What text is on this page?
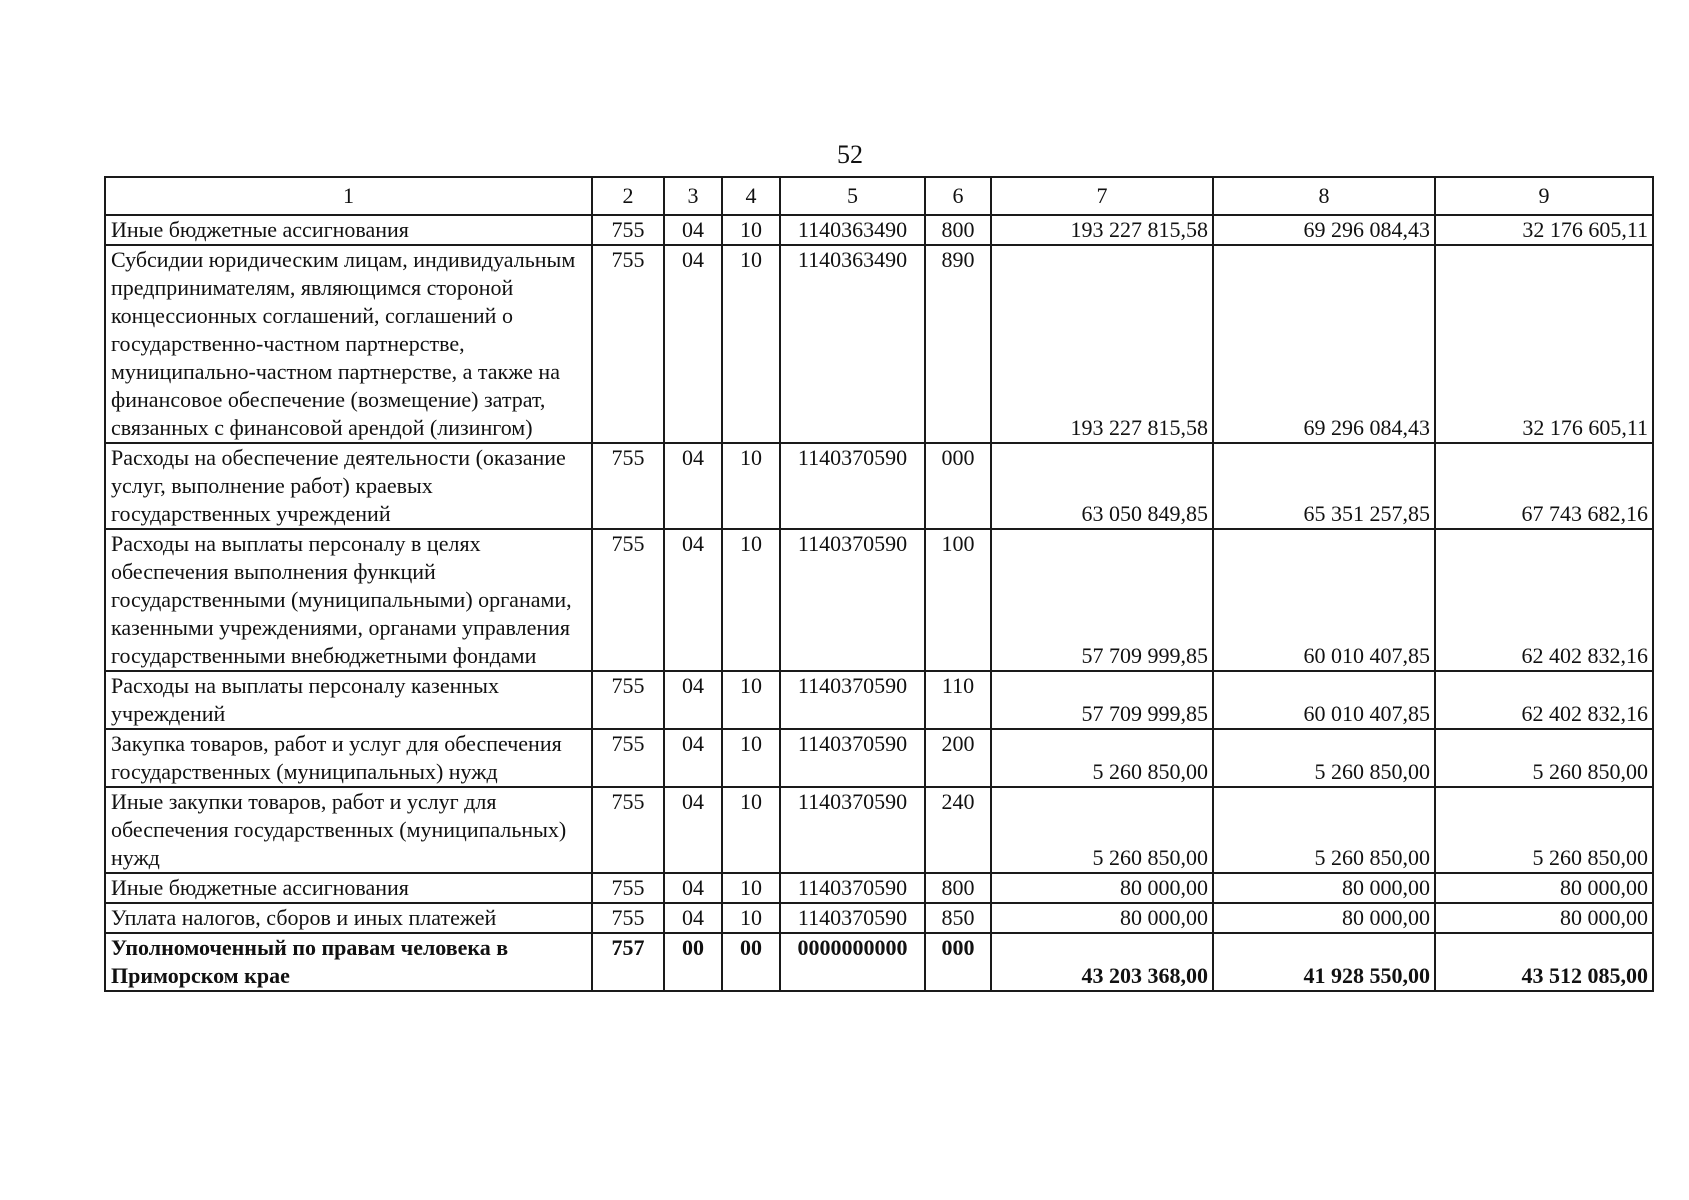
52
1	2	3	4	5	6	7	8	9
Иные бюджетные ассигнования	755	04	10	1140363490	800	193 227 815,58	69 296 084,43	32 176 605,11
Субсидии юридическим лицам, индивидуальным предпринимателям, являющимся стороной концессионных соглашений, соглашений о государственно-частном партнерстве, муниципально-частном партнерстве, а также на финансовое обеспечение (возмещение) затрат, связанных с финансовой арендой (лизингом)	755	04	10	1140363490	890	193 227 815,58	69 296 084,43	32 176 605,11
Расходы на обеспечение деятельности (оказание услуг, выполнение работ) краевых государственных учреждений	755	04	10	1140370590	000	63 050 849,85	65 351 257,85	67 743 682,16
Расходы на выплаты персоналу в целях обеспечения выполнения функций государственными (муниципальными) органами, казенными учреждениями, органами управления государственными внебюджетными фондами	755	04	10	1140370590	100	57 709 999,85	60 010 407,85	62 402 832,16
Расходы на выплаты персоналу казенных учреждений	755	04	10	1140370590	110	57 709 999,85	60 010 407,85	62 402 832,16
Закупка товаров, работ и услуг для обеспечения государственных (муниципальных) нужд	755	04	10	1140370590	200	5 260 850,00	5 260 850,00	5 260 850,00
Иные закупки товаров, работ и услуг для обеспечения государственных (муниципальных) нужд	755	04	10	1140370590	240	5 260 850,00	5 260 850,00	5 260 850,00
Иные бюджетные ассигнования	755	04	10	1140370590	800	80 000,00	80 000,00	80 000,00
Уплата налогов, сборов и иных платежей	755	04	10	1140370590	850	80 000,00	80 000,00	80 000,00
Уполномоченный по правам человека в Приморском крае	757	00	00	0000000000	000	43 203 368,00	41 928 550,00	43 512 085,00
